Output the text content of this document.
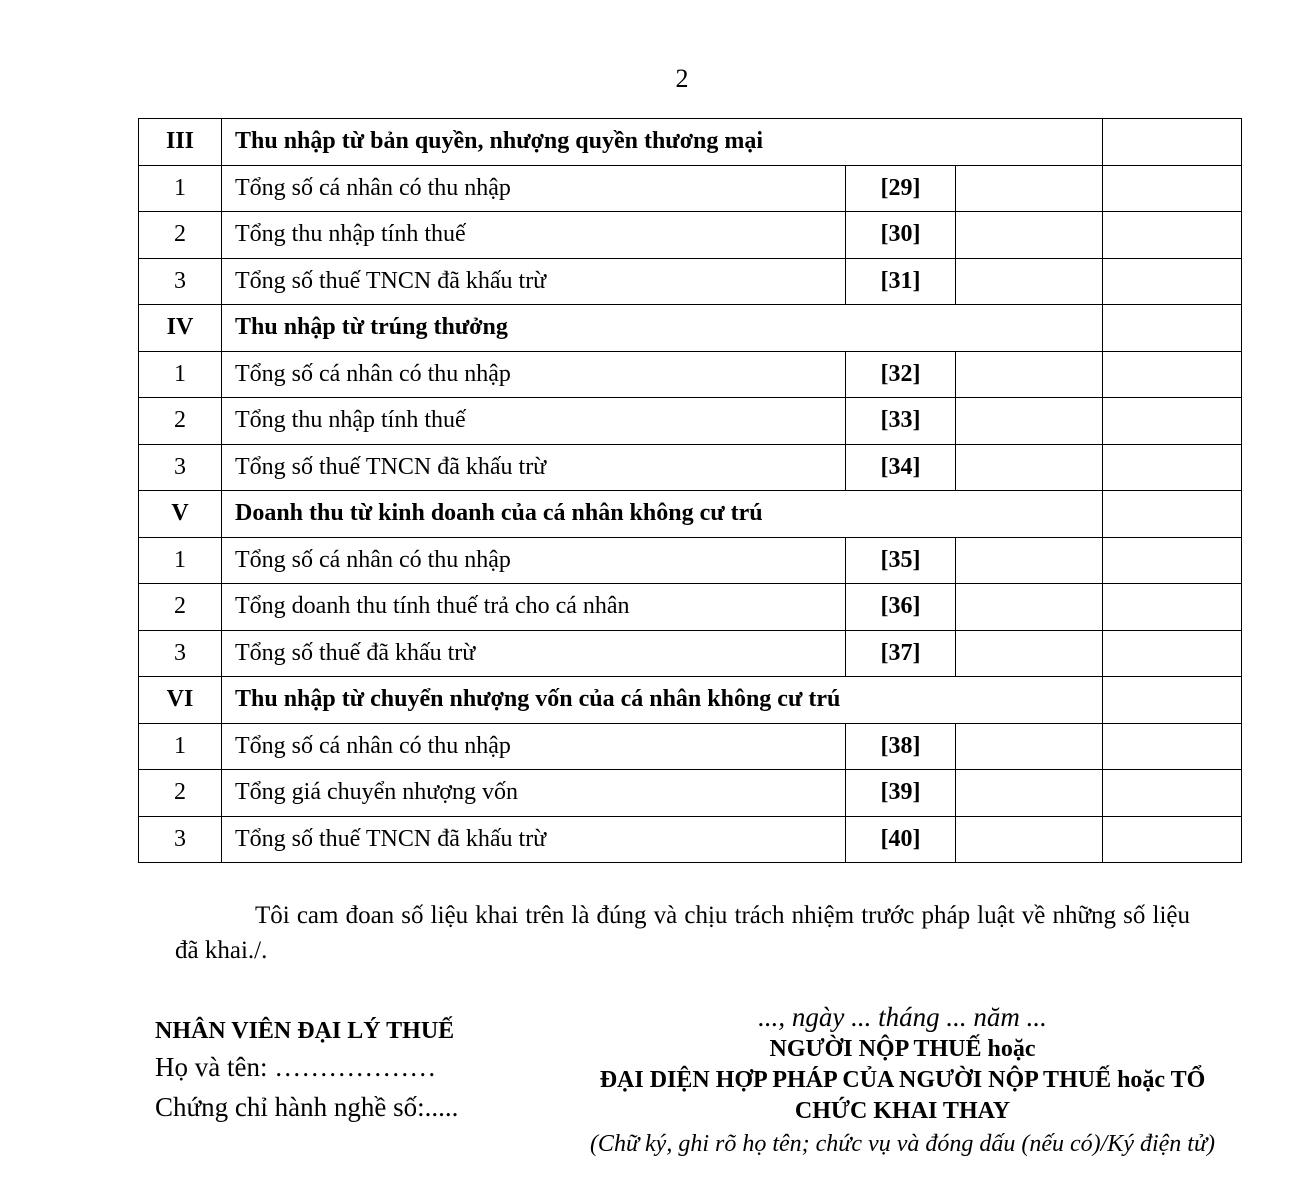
2
III	Thu nhập từ bản quyền, nhượng quyền thương mại			
1	Tổng số cá nhân có thu nhập	[29]		
2	Tổng thu nhập tính thuế	[30]		
3	Tổng số thuế TNCN đã khấu trừ	[31]		
IV	Thu nhập từ trúng thưởng			
1	Tổng số cá nhân có thu nhập	[32]		
2	Tổng thu nhập tính thuế	[33]		
3	Tổng số thuế TNCN đã khấu trừ	[34]		
V	Doanh thu từ kinh doanh của cá nhân không cư trú			
1	Tổng số cá nhân có thu nhập	[35]		
2	Tổng doanh thu tính thuế trả cho cá nhân	[36]		
3	Tổng số thuế đã khấu trừ	[37]		
VI	Thu nhập từ chuyển nhượng vốn của cá nhân không cư trú			
1	Tổng số cá nhân có thu nhập	[38]		
2	Tổng giá chuyển nhượng vốn	[39]		
3	Tổng số thuế TNCN đã khấu trừ	[40]		
Tôi cam đoan số liệu khai trên là đúng và chịu trách nhiệm trước pháp luật về những số liệu đã khai./.
NHÂN VIÊN ĐẠI LÝ THUẾ
Họ và tên: ………………
Chứng chỉ hành nghề số:.....
..., ngày ... tháng ... năm ...
NGƯỜI NỘP THUẾ hoặc
ĐẠI DIỆN HỢP PHÁP CỦA NGƯỜI NỘP THUẾ hoặc TỔ
CHỨC KHAI THAY
(Chữ ký, ghi rõ họ tên; chức vụ và đóng dấu (nếu có)/Ký điện tử)
